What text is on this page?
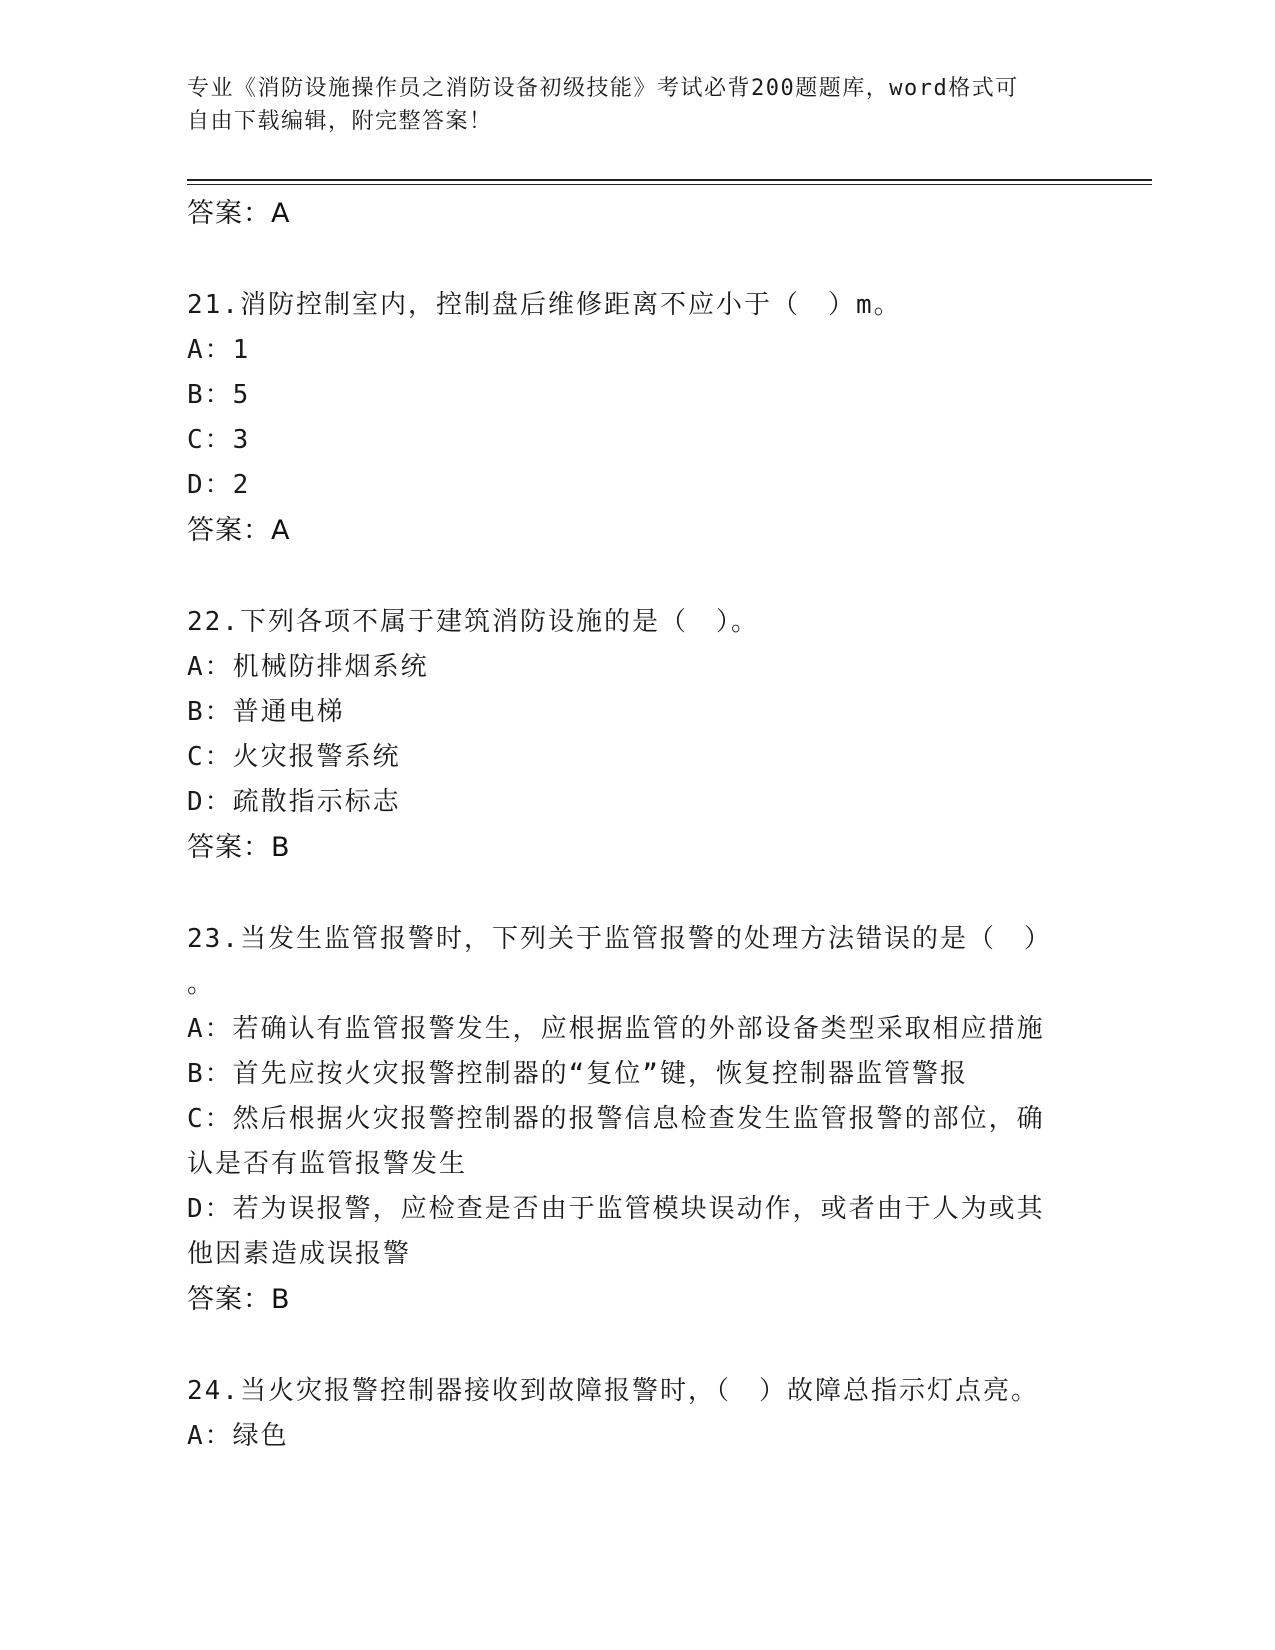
专业《消防设施操作员之消防设备初级技能》考试必背200题题库，word格式可
自由下载编辑，附完整答案！
答案：A
21.消防控制室内，控制盘后维修距离不应小于（　）m。
A：1
B：5
C：3
D：2
答案：A
22.下列各项不属于建筑消防设施的是（　）。
A：机械防排烟系统
B：普通电梯
C：火灾报警系统
D：疏散指示标志
答案：B
23.当发生监管报警时，下列关于监管报警的处理方法错误的是（　）
。
A：若确认有监管报警发生，应根据监管的外部设备类型采取相应措施
B：首先应按火灾报警控制器的“复位”键，恢复控制器监管警报
C：然后根据火灾报警控制器的报警信息检查发生监管报警的部位，确
认是否有监管报警发生
D：若为误报警，应检查是否由于监管模块误动作，或者由于人为或其
他因素造成误报警
答案：B
24.当火灾报警控制器接收到故障报警时，（　）故障总指示灯点亮。
A：绿色
